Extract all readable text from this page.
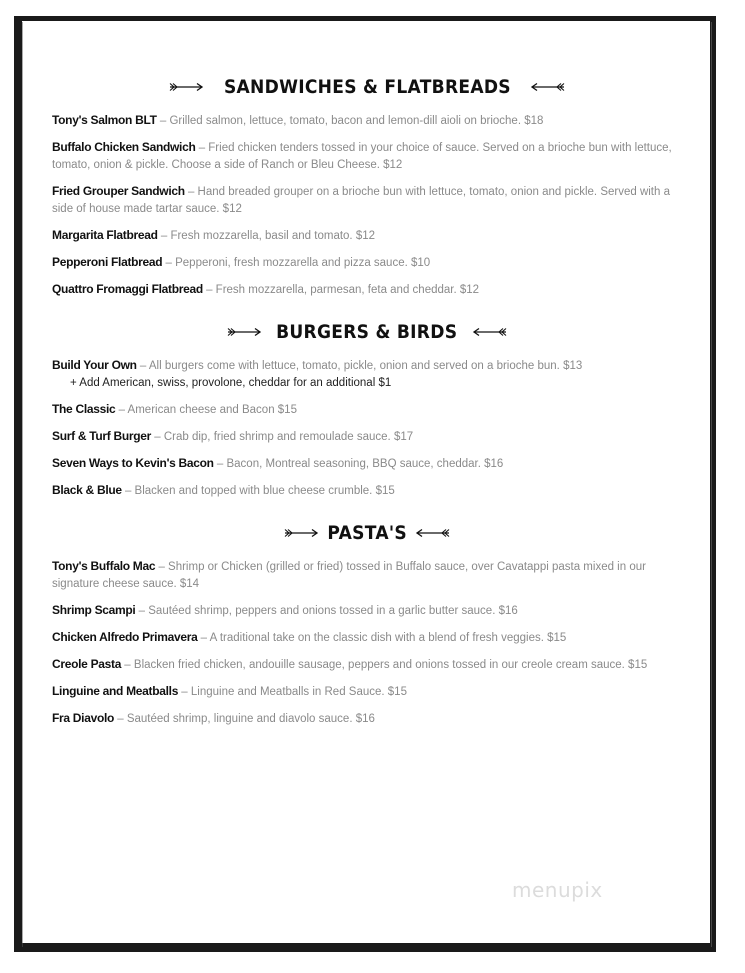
SANDWICHES & FLATBREADS
Tony's Salmon BLT – Grilled salmon, lettuce, tomato, bacon and lemon-dill aioli on brioche. $18
Buffalo Chicken Sandwich – Fried chicken tenders tossed in your choice of sauce. Served on a brioche bun with lettuce, tomato, onion & pickle. Choose a side of Ranch or Bleu Cheese. $12
Fried Grouper Sandwich – Hand breaded grouper on a brioche bun with lettuce, tomato, onion and pickle. Served with a side of house made tartar sauce. $12
Margarita Flatbread – Fresh mozzarella, basil and tomato. $12
Pepperoni Flatbread – Pepperoni, fresh mozzarella and pizza sauce. $10
Quattro Fromaggi Flatbread – Fresh mozzarella, parmesan, feta and cheddar. $12
BURGERS & BIRDS
Build Your Own – All burgers come with lettuce, tomato, pickle, onion and served on a brioche bun. $13
+ Add American, swiss, provolone, cheddar for an additional $1
The Classic – American cheese and Bacon $15
Surf & Turf Burger – Crab dip, fried shrimp and remoulade sauce. $17
Seven Ways to Kevin's Bacon – Bacon, Montreal seasoning, BBQ sauce, cheddar. $16
Black & Blue – Blacken and topped with blue cheese crumble. $15
PASTA'S
Tony's Buffalo Mac – Shrimp or Chicken (grilled or fried) tossed in Buffalo sauce, over Cavatappi pasta mixed in our signature cheese sauce. $14
Shrimp Scampi – Sautéed shrimp, peppers and onions tossed in a garlic butter sauce. $16
Chicken Alfredo Primavera – A traditional take on the classic dish with a blend of fresh veggies. $15
Creole Pasta – Blacken fried chicken, andouille sausage, peppers and onions tossed in our creole cream sauce. $15
Linguine and Meatballs – Linguine and Meatballs in Red Sauce. $15
Fra Diavolo – Sautéed shrimp, linguine and diavolo sauce. $16
menupix
